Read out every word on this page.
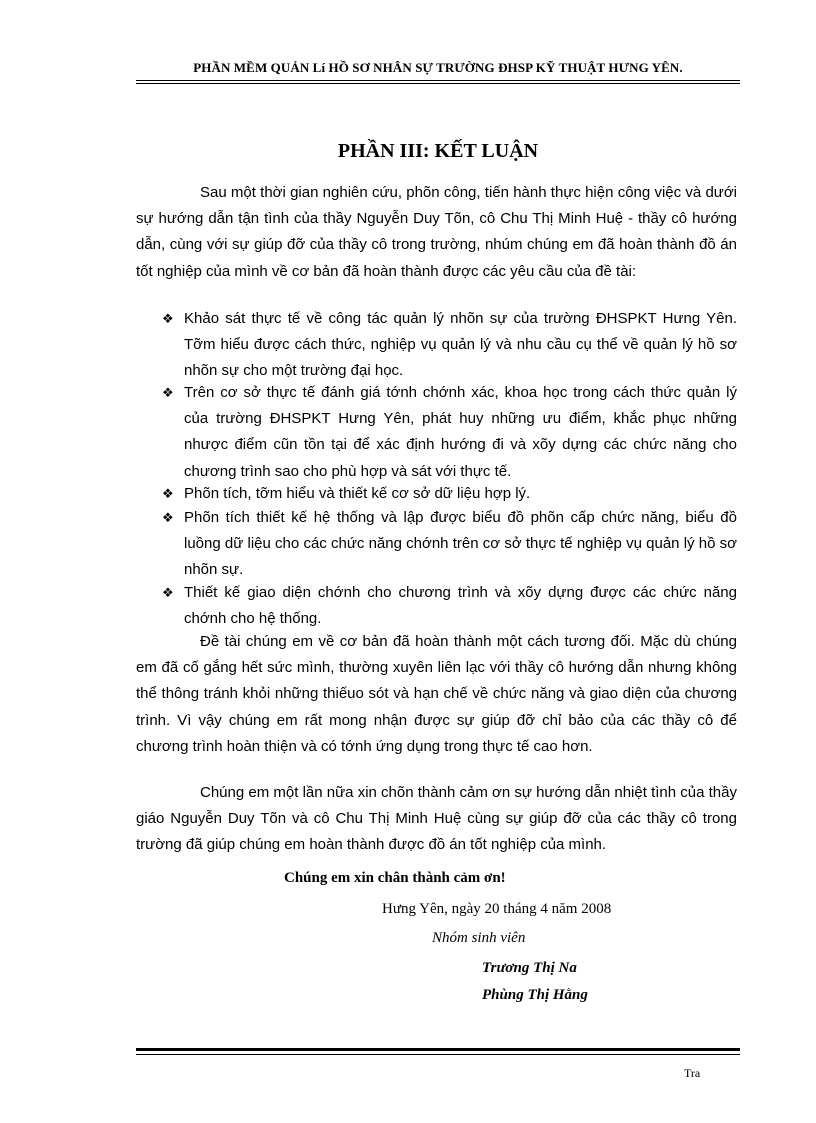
PHẦN MỀM QUẢN Lí HỒ SƠ NHÂN SỰ TRƯỜNG ĐHSP KỸ THUẬT HƯNG YÊN.
PHẦN III: KẾT LUẬN

Sau một thời gian nghiên cứu, phõn công, tiến hành thực hiện công việc và dưới sự hướng dẫn tận tình của thầy Nguyễn Duy Tõn, cô Chu Thị Minh Huệ - thầy cô hướng dẫn, cùng với sự giúp đỡ của thầy cô trong trường, nhúm chúng em đã hoàn thành đồ án tốt nghiệp của mình về cơ bản đã hoàn thành được các yêu cầu của đề tài:

❖ Khảo sát thực tế về công tác quản lý nhõn sự của trường ĐHSPKT Hưng Yên. Tỡm hiểu được cách thức, nghiệp vụ quản lý và nhu cầu cụ thể về quản lý hồ sơ nhõn sự cho một trường đại học.
❖ Trên cơ sở thực tế đánh giá tớnh chớnh xác, khoa học trong cách thức quản lý của trường ĐHSPKT Hưng Yên, phát huy những ưu điểm, khắc phục những nhược điểm cũn tồn tại để xác định hướng đi và xõy dựng các chức năng cho chương trình sao cho phù hợp và sát với thực tế.
❖ Phõn tích, tỡm hiểu và thiết kế cơ sở dữ liệu hợp lý.
❖ Phõn tích thiết kế hệ thống và lập được biểu đồ phõn cấp chức năng, biểu đồ luồng dữ liệu cho các chức năng chớnh trên cơ sở thực tế nghiệp vụ quản lý hồ sơ nhõn sự.
❖ Thiết kế giao diện chớnh cho chương trình và xõy dựng được các chức năng chớnh cho hệ thống.

Đề tài chúng em về cơ bản đã hoàn thành một cách tương đối. Mặc dù chúng em đã cố gắng hết sức mình, thường xuyên liên lạc với thầy cô hướng dẫn nhưng không thể thông tránh khỏi những thiếuo sót và hạn chế về chức năng và giao diện của chương trình. Vì vậy chúng em rất mong nhận được sự giúp đỡ chỉ bảo của các thầy cô để chương trình hoàn thiện và có tớnh ứng dụng trong thực tế cao hơn.

Chúng em một lần nữa xin chõn thành cảm ơn sự hướng dẫn nhiệt tình của thầy giáo Nguyễn Duy Tõn và cô Chu Thị Minh Huệ cùng sự giúp đỡ của các thầy cô trong trường đã giúp chúng em hoàn thành được đồ án tốt nghiệp của mình.

Chúng em xin chân thành cảm ơn!
Hưng Yên, ngày 20 tháng 4 năm 2008
Nhóm sinh viên
Trương Thị Na
Phùng Thị Hằng
Tra
